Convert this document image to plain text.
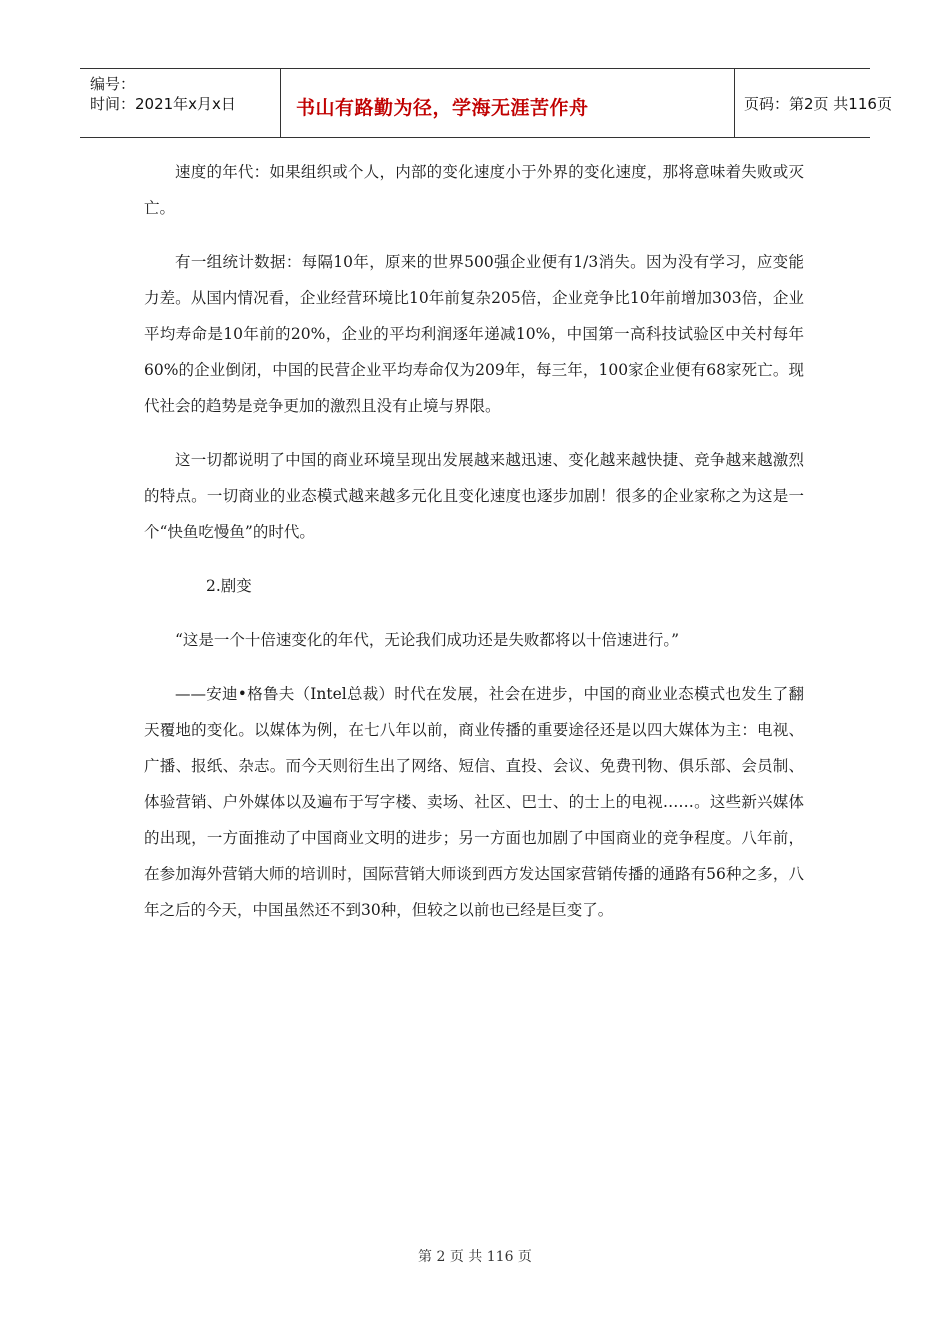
编号：
时间：2021年x月x日	书山有路勤为径，学海无涯苦作舟	页码：第2页 共116页

速度的年代：如果组织或个人，内部的变化速度小于外界的变化速度，那将意味着失败或灭亡。

有一组统计数据：每隔10年，原来的世界500强企业便有1/3消失。因为没有学习，应变能力差。从国内情况看，企业经营环境比10年前复杂205倍，企业竞争比10年前增加303倍，企业平均寿命是10年前的20%，企业的平均利润逐年递减10%，中国第一高科技试验区中关村每年60%的企业倒闭，中国的民营企业平均寿命仅为209年，每三年，100家企业便有68家死亡。现代社会的趋势是竞争更加的激烈且没有止境与界限。

这一切都说明了中国的商业环境呈现出发展越来越迅速、变化越来越快捷、竞争越来越激烈的特点。一切商业的业态模式越来越多元化且变化速度也逐步加剧！很多的企业家称之为这是一个“快鱼吃慢鱼”的时代。

2.剧变

“这是一个十倍速变化的年代，无论我们成功还是失败都将以十倍速进行。”

——安迪•格鲁夫（Intel总裁）时代在发展，社会在进步，中国的商业业态模式也发生了翻天覆地的变化。以媒体为例，在七八年以前，商业传播的重要途径还是以四大媒体为主：电视、广播、报纸、杂志。而今天则衍生出了网络、短信、直投、会议、免费刊物、俱乐部、会员制、体验营销、户外媒体以及遍布于写字楼、卖场、社区、巴士、的士上的电视……。这些新兴媒体的出现，一方面推动了中国商业文明的进步；另一方面也加剧了中国商业的竞争程度。八年前，在参加海外营销大师的培训时，国际营销大师谈到西方发达国家营销传播的通路有56种之多，八年之后的今天，中国虽然还不到30种，但较之以前也已经是巨变了。

第 2 页 共 116 页
